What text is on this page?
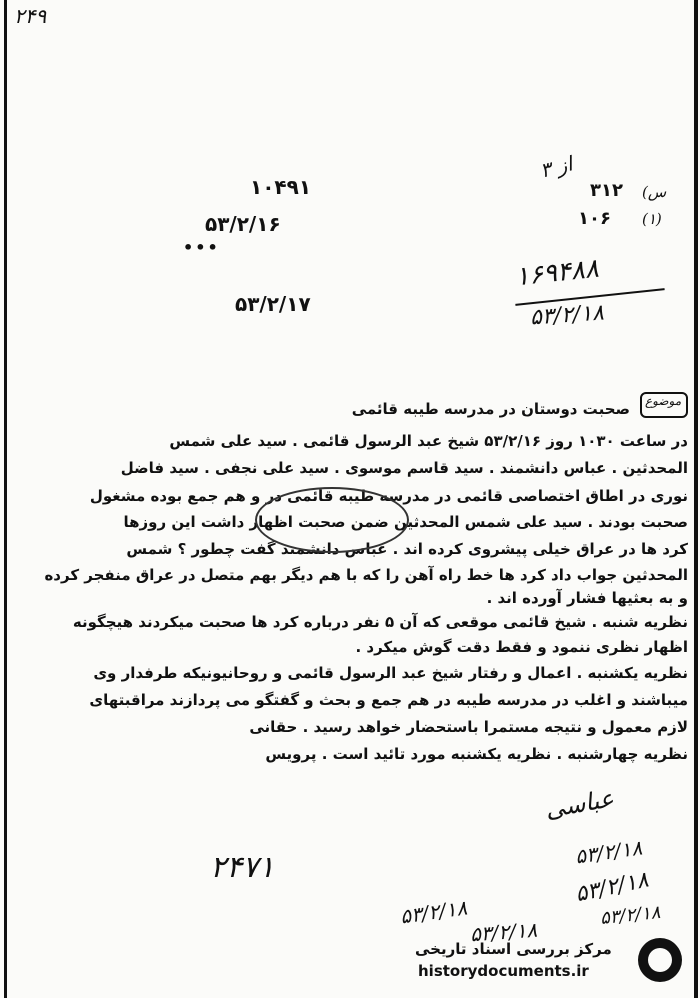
۲۴۹
۱۰۴۹۱
۵۳/۲/۱۶
•••
۵۳/۲/۱۷
۳ از
۳۱۲
۱۰۶
(س
(۱)
۱۶۹۴۸۸
۵۳/۲/۱۸
موضوع
صحبت دوستان در مدرسه طیبه قائمی
در ساعت ۱۰۳۰ روز ۵۳/۲/۱۶ شیخ عبد الرسول قائمی . سید علی شمس
المحدثین . عباس دانشمند . سید قاسم موسوی . سید علی نجفی . سید فاضل
نوری در اطاق اختصاصی قائمی در مدرسه طیبه قائمی در و هم جمع بوده مشغول
صحبت بودند . سید علی شمس المحدثین ضمن صحبت اظهار داشت این روزها
کرد ها در عراق خیلی پیشروی کرده اند . عباس دانشمند گفت چطور ؟ شمس
المحدثین جواب داد کرد ها خط راه آهن را که با هم دیگر بهم متصل در عراق منفجر کرده
و به بعثیها فشار آورده اند .
نظریه شنبه . شیخ قائمی موقعی که آن ۵ نفر درباره کرد ها صحبت میکردند هیچگونه
اظهار نظری ننمود و فقط دقت گوش میکرد .
نظریه یکشنبه . اعمال و رفتار شیخ عبد الرسول قائمی و روحانیونیکه طرفدار وی
میباشند و اغلب در مدرسه طیبه در هم جمع و بحث و گفتگو می پردازند مراقبتهای
لازم معمول و نتیجه مستمرا باستحضار خواهد رسید . حقانی
نظریه چهارشنبه . نظریه یکشنبه مورد تائید است . پرویس
عباسی
۲۴۷۱	۵۳/۲/۱۸
۵۳/۲/۱۸
۵۳/۲/۱۸
۵۳/۲/۱۸
۵۳/۲/۱۸
مرکز بررسی اسناد تاریخی
historydocuments.ir
